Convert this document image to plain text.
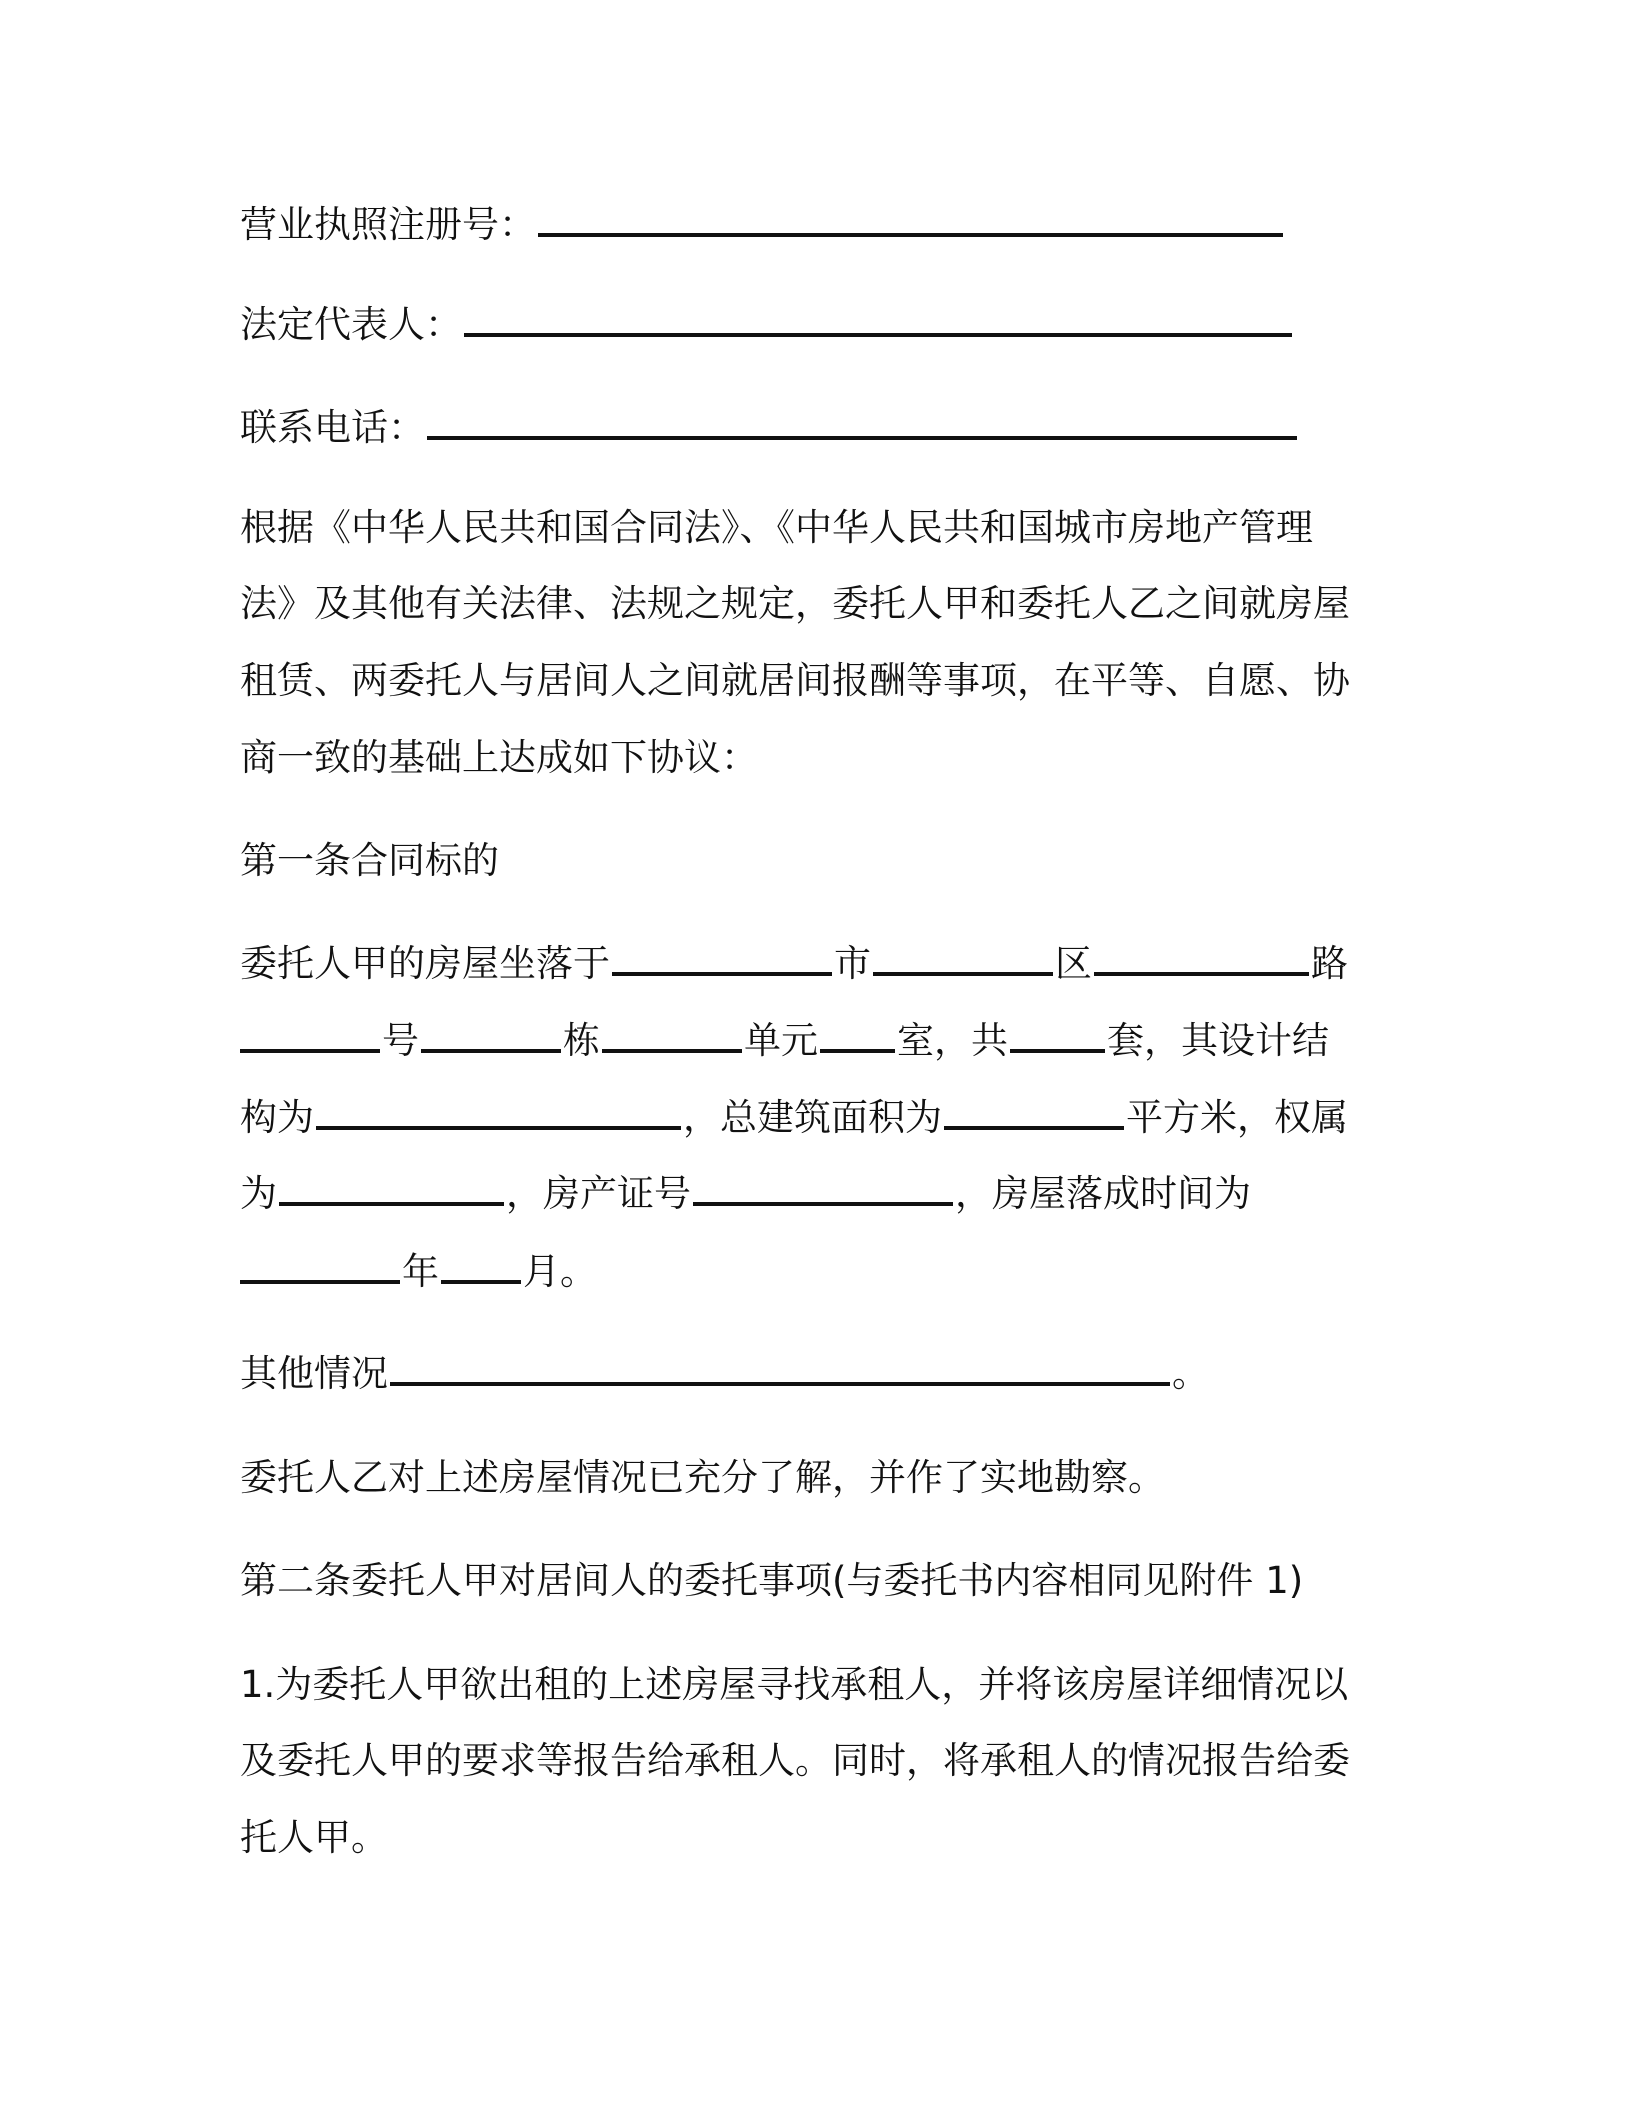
营业执照注册号：
法定代表人：
联系电话：
根据《中华人民共和国合同法》、《中华人民共和国城市房地产管理
法》及其他有关法律、法规之规定，委托人甲和委托人乙之间就房屋
租赁、两委托人与居间人之间就居间报酬等事项，在平等、自愿、协
商一致的基础上达成如下协议：
第一条合同标的
委托人甲的房屋坐落于	市	区	路
号	栋	单元 室，共	套，其设计结
构为	，总建筑面积为	平方米，权属
为	，房产证号	，房屋落成时间为
年 月。
其他情况	。
委托人乙对上述房屋情况已充分了解，并作了实地勘察。
第二条委托人甲对居间人的委托事项(与委托书内容相同见附件 1)
1.为委托人甲欲出租的上述房屋寻找承租人，并将该房屋详细情况以
及委托人甲的要求等报告给承租人。同时，将承租人的情况报告给委
托人甲。
